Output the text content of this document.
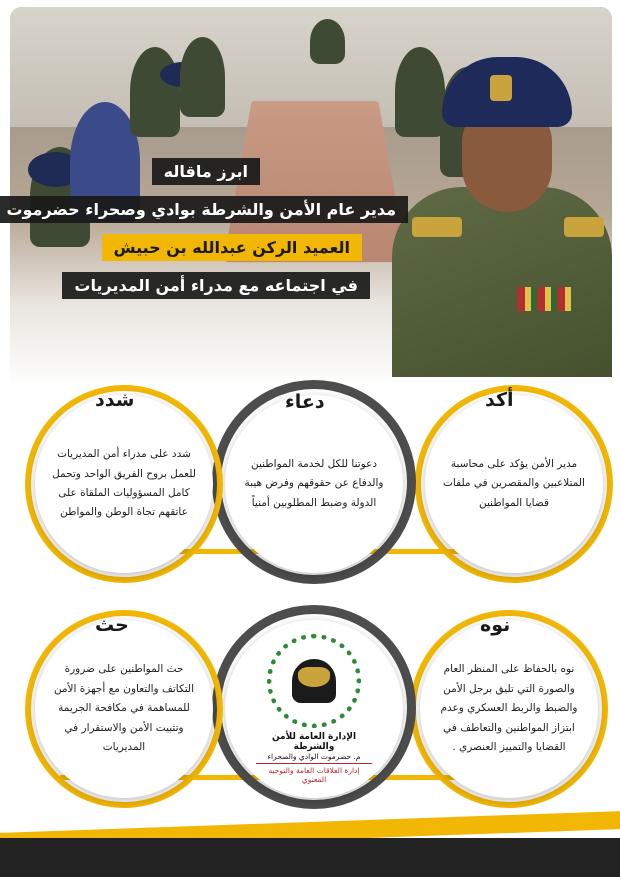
ابرز ماقاله
مدير عام الأمن والشرطة بوادي وصحراء حضرموت
العميد الركن عبدالله بن حبيش
في اجتماعه مع مدراء أمن المديريات
أكد
مدير الأمن يؤكد على محاسبة المتلاعبين والمقصرين في ملفات قضايا المواطنين
دعاء
دعوتنا للكل لخدمة المواطنين والدفاع عن حقوقهم وفرض هيبة الدولة وضبط المطلوبين أمنياً
شدد
شدد على مدراء أمن المديريات للعمل بروح الفريق الواحد وتحمل كامل المسؤوليات الملقاة على عاتقهم تجاة الوطن والمواطن
نوه
نوه بالحفاظ على المنظر العام والصورة التي تليق برجل الأمن والضبط والربط العسكري وعدم ابتزاز المواطنين والتعاطف في القضايا والتمييز العنصري .
الإدارة العامة للأمن والشرطة
م. حضرموت الوادي والصحراء
إدارة العلاقات العامة والتوجيه المعنوي
حث
حث المواطنين على ضرورة التكاتف والتعاون مع أجهزة الأمن للمساهمة في مكافحة الجريمة وتثبيت الأمن والاستقرار في المديريات
